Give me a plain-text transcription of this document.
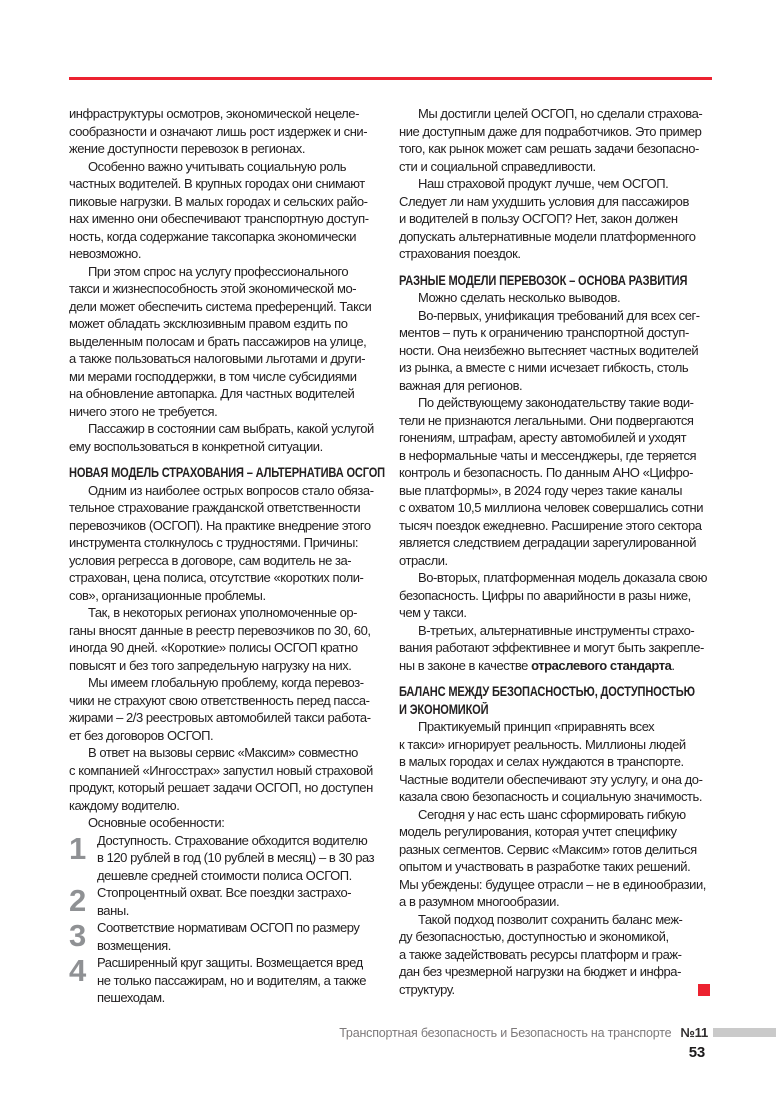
инфраструктуры осмотров, экономической нецеле-
сообразности и означают лишь рост издержек и сни-
жение доступности перевозок в регионах.

Особенно важно учитывать социальную роль
частных водителей. В крупных городах они снимают
пиковые нагрузки. В малых городах и сельских райо-
нах именно они обеспечивают транспортную доступ-
ность, когда содержание таксопарка экономически
невозможно.

При этом спрос на услугу профессионального
такси и жизнеспособность этой экономической мо-
дели может обеспечить система преференций. Такси
может обладать эксклюзивным правом ездить по
выделенным полосам и брать пассажиров на улице,
а также пользоваться налоговыми льготами и други-
ми мерами господдержки, в том числе субсидиями
на обновление автопарка. Для частных водителей
ничего этого не требуется.

Пассажир в состоянии сам выбрать, какой услугой
ему воспользоваться в конкретной ситуации.

НОВАЯ МОДЕЛЬ СТРАХОВАНИЯ – АЛЬТЕРНАТИВА ОСГОП

Одним из наиболее острых вопросов стало обяза-
тельное страхование гражданской ответственности
перевозчиков (ОСГОП). На практике внедрение этого
инструмента столкнулось с трудностями. Причины:
условия регресса в договоре, сам водитель не за-
страхован, цена полиса, отсутствие «коротких поли-
сов», организационные проблемы.

Так, в некоторых регионах уполномоченные ор-
ганы вносят данные в реестр перевозчиков по 30, 60,
иногда 90 дней. «Короткие» полисы ОСГОП кратно
повысят и без того запредельную нагрузку на них.

Мы имеем глобальную проблему, когда перевоз-
чики не страхуют свою ответственность перед пасса-
жирами – 2/3 реестровых автомобилей такси работа-
ет без договоров ОСГОП.

В ответ на вызовы сервис «Максим» совместно
с компанией «Ингосстрах» запустил новый страховой
продукт, который решает задачи ОСГОП, но доступен
каждому водителю.

Основные особенности:

1 Доступность. Страхование обходится водителю
в 120 рублей в год (10 рублей в месяц) – в 30 раз
дешевле средней стоимости полиса ОСГОП.
2 Стопроцентный охват. Все поездки застрахо-
ваны.
3 Соответствие нормативам ОСГОП по размеру
возмещения.
4 Расширенный круг защиты. Возмещается вред
не только пассажирам, но и водителям, а также
пешеходам.

Мы достигли целей ОСГОП, но сделали страхова-
ние доступным даже для подработчиков. Это пример
того, как рынок может сам решать задачи безопасно-
сти и социальной справедливости.

Наш страховой продукт лучше, чем ОСГОП.
Следует ли нам ухудшить условия для пассажиров
и водителей в пользу ОСГОП? Нет, закон должен
допускать альтернативные модели платформенного
страхования поездок.

РАЗНЫЕ МОДЕЛИ ПЕРЕВОЗОК – ОСНОВА РАЗВИТИЯ

Можно сделать несколько выводов.

Во-первых, унификация требований для всех сег-
ментов – путь к ограничению транспортной доступ-
ности. Она неизбежно вытесняет частных водителей
из рынка, а вместе с ними исчезает гибкость, столь
важная для регионов.

По действующему законодательству такие води-
тели не признаются легальными. Они подвергаются
гонениям, штрафам, аресту автомобилей и уходят
в неформальные чаты и мессенджеры, где теряется
контроль и безопасность. По данным АНО «Цифро-
вые платформы», в 2024 году через такие каналы
с охватом 10,5 миллиона человек совершались сотни
тысяч поездок ежедневно. Расширение этого сектора
является следствием деградации зарегулированной
отрасли.

Во-вторых, платформенная модель доказала свою
безопасность. Цифры по аварийности в разы ниже,
чем у такси.

В-третьих, альтернативные инструменты страхо-
вания работают эффективнее и могут быть закрепле-
ны в законе в качестве отраслевого стандарта.

БАЛАНС МЕЖДУ БЕЗОПАСНОСТЬЮ, ДОСТУПНОСТЬЮ
И ЭКОНОМИКОЙ

Практикуемый принцип «приравнять всех
к такси» игнорирует реальность. Миллионы людей
в малых городах и селах нуждаются в транспорте.
Частные водители обеспечивают эту услугу, и она до-
казала свою безопасность и социальную значимость.

Сегодня у нас есть шанс сформировать гибкую
модель регулирования, которая учтет специфику
разных сегментов. Сервис «Максим» готов делиться
опытом и участвовать в разработке таких решений.
Мы убеждены: будущее отрасли – не в единообразии,
а в разумном многообразии.

Такой подход позволит сохранить баланс меж-
ду безопасностью, доступностью и экономикой,
а также задействовать ресурсы платформ и граж-
дан без чрезмерной нагрузки на бюджет и инфра-
структуру.

Транспортная безопасность и Безопасность на транспорте №11
53
